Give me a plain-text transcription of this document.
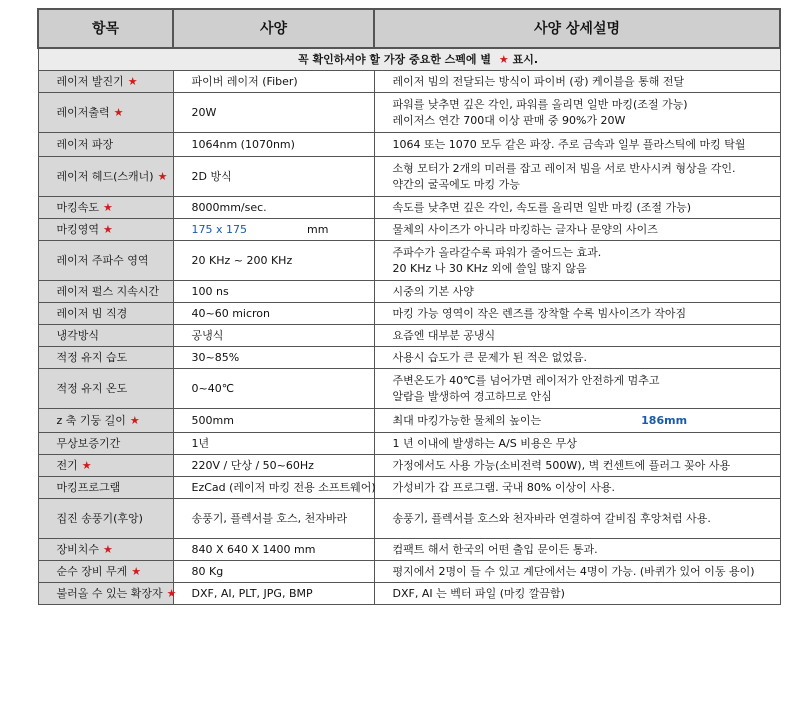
항목	사양	사양 상세설명
꼭 확인하셔야 할 가장 중요한 스펙에 별 ★ 표시.		
레이저 발진기 ★	파이버 레이저 (Fiber)	레이저 빔의 전달되는 방식이 파이버 (광) 케이블을 통해 전달
레이저출력 ★	20W	파워를 낮추면 깊은 각인, 파워를 올리면 일반 마킹(조절 가능)
레이저스 연간 700대 이상 판매 중 90%가 20W

레이저 파장	1064nm (1070nm)	1064 또는 1070 모두 같은 파장. 주로 금속과 일부 플라스틱에 마킹 탁월
레이저 헤드(스캐너) ★	2D 방식	소형 모터가 2개의 미러를 잡고 레이저 빔을 서로 반사시켜 형상을 각인.
약간의 굴곡에도 마킹 가능

마킹속도 ★	8000mm/sec.	속도를 낮추면 깊은 각인, 속도를 올리면 일반 마킹 (조절 가능)
마킹영역 ★	175 x 175 mm	물체의 사이즈가 아니라 마킹하는 글자나 문양의 사이즈
레이저 주파수 영역	20 KHz ~ 200 KHz	주파수가 올라갈수록 파워가 줄어드는 효과.
20 KHz 나 30 KHz 외에 쓸일 많지 않음

레이저 펄스 지속시간	100 ns	시중의 기본 사양
레이저 빔 직경	40~60 micron	마킹 가능 영역이 작은 렌즈를 장착할 수록 빔사이즈가 작아짐
냉각방식	공냉식	요즘엔 대부분 공냉식
적정 유지 습도	30~85%	사용시 습도가 큰 문제가 된 적은 없었음.
적정 유지 온도	0~40℃	주변온도가 40℃를 넘어가면 레이저가 안전하게 멈추고
알람을 발생하여 경고하므로 안심

z 축 기둥 길이 ★	500mm	최대 마킹가능한 물체의 높이는 186mm
무상보증기간	1년	1 년 이내에 발생하는 A/S 비용은 무상
전기 ★	220V / 단상 / 50~60Hz	가정에서도 사용 가능(소비전력 500W), 벽 컨센트에 플러그 꽂아 사용
마킹프로그램	EzCad (레이저 마킹 전용 소프트웨어)	가성비가 갑 프로그램. 국내 80% 이상이 사용.
집진 송풍기(후앙)	송풍기, 플렉서블 호스, 천자바라	송풍기, 플렉서블 호스와 천자바라 연결하여 갈비집 후앙처럼 사용.
장비치수 ★	840 X 640 X 1400 mm	컴팩트 해서 한국의 어떤 출입 문이든 통과.
순수 장비 무게 ★	80 Kg	평지에서 2명이 들 수 있고 계단에서는 4명이 가능. (바퀴가 있어 이동 용이)
불러올 수 있는 확장자 ★	DXF, AI, PLT, JPG, BMP	DXF, AI 는 벡터 파일 (마킹 깔끔함)
